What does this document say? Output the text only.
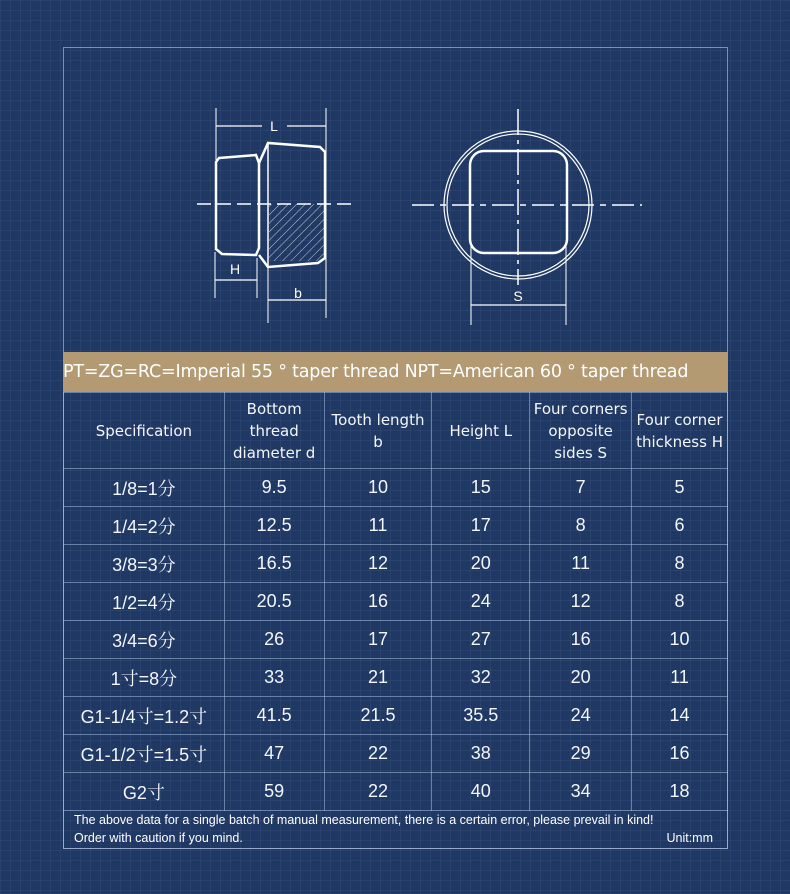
L
H
b	S
PT=ZG=RC=Imperial 55 ° taper thread NPT=American 60 ° taper thread
Specification	Bottom thread diameter d	Tooth length b	Height L	Four corners opposite sides S	Four corner thickness H
1/8=1分	9.5	10	15	7	5
1/4=2分	12.5	11	17	8	6
3/8=3分	16.5	12	20	11	8
1/2=4分	20.5	16	24	12	8
3/4=6分	26	17	27	16	10
1寸=8分	33	21	32	20	11
G1-1/4寸=1.2寸	41.5	21.5	35.5	24	14
G1-1/2寸=1.5寸	47	22	38	29	16
G2寸	59	22	40	34	18
The above data for a single batch of manual measurement, there is a certain error, please prevail in kind!
Order with caution if you mind.	Unit:mm
